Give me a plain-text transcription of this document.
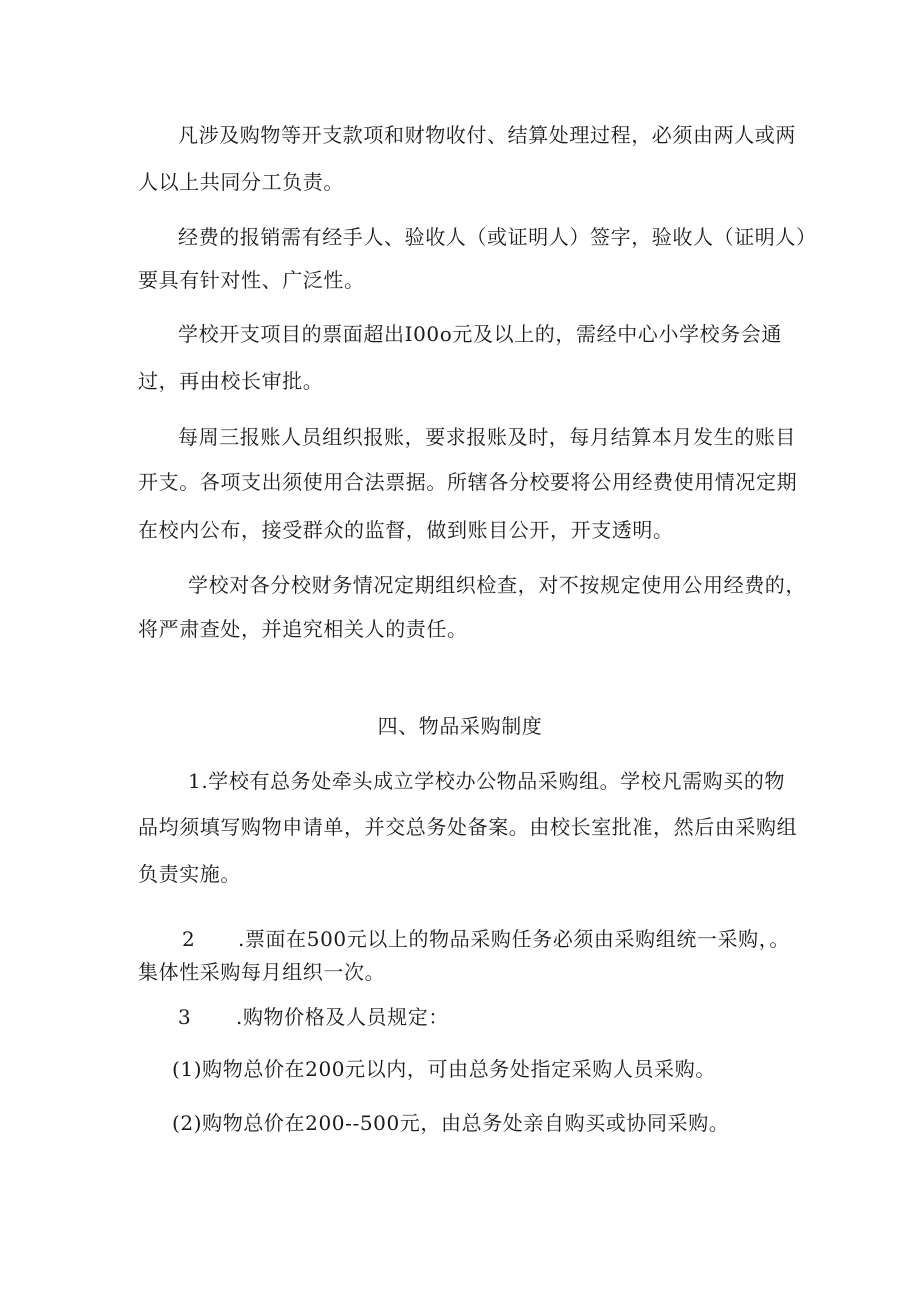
凡涉及购物等开支款项和财物收付、结算处理过程，必须由两人或两
人以上共同分工负责。
经费的报销需有经手人、验收人（或证明人）签字，验收人（证明人）
要具有针对性、广泛性。
学校开支项目的票面超出I00o元及以上的，需经中心小学校务会通
过，再由校长审批。
每周三报账人员组织报账，要求报账及时，每月结算本月发生的账目
开支。各项支出须使用合法票据。所辖各分校要将公用经费使用情况定期
在校内公布，接受群众的监督，做到账目公开，开支透明。
学校对各分校财务情况定期组织检查，对不按规定使用公用经费的，
将严肃查处，并追究相关人的责任。
四、物品采购制度
1.学校有总务处牵头成立学校办公物品采购组。学校凡需购买的物
品均须填写购物申请单，并交总务处备案。由校长室批准，然后由采购组
负责实施。
2 .票面在500元以上的物品采购任务必须由采购组统一采购，。
集体性采购每月组织一次。
3 .购物价格及人员规定：
(1)购物总价在200元以内，可由总务处指定采购人员采购。
(2)购物总价在200--500元，由总务处亲自购买或协同采购。
